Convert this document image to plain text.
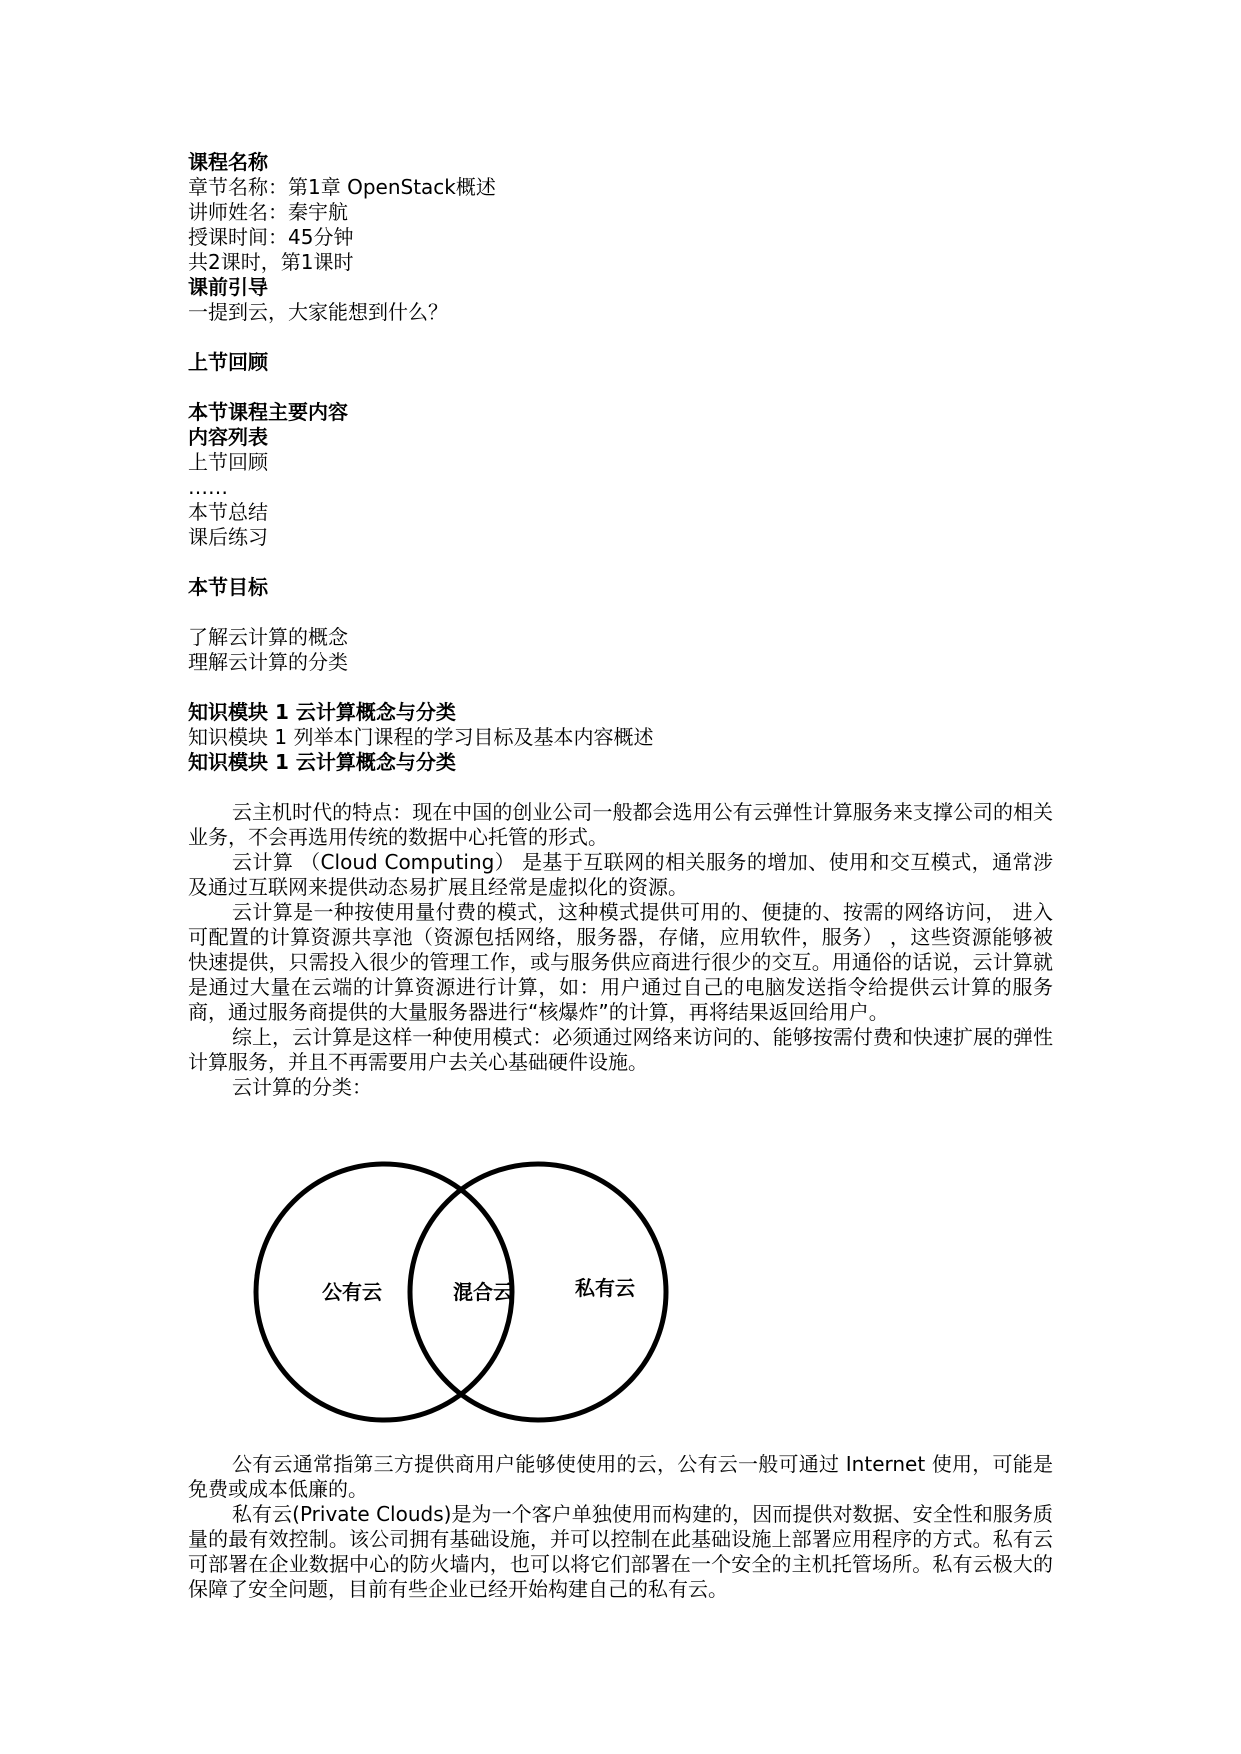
课程名称
章节名称：第1章 OpenStack概述
讲师姓名：秦宇航
授课时间：45分钟
共2课时，第1课时
课前引导
一提到云，大家能想到什么？
上节回顾
本节课程主要内容
内容列表
上节回顾
……
本节总结
课后练习
本节目标
了解云计算的概念
理解云计算的分类
知识模块 1 云计算概念与分类
知识模块 1 列举本门课程的学习目标及基本内容概述
知识模块 1 云计算概念与分类

云主机时代的特点：现在中国的创业公司一般都会选用公有云弹性计算服务来支撑公司的相关业务，不会再选用传统的数据中心托管的形式。

云计算 （Cloud Computing） 是基于互联网的相关服务的增加、使用和交互模式，通常涉及通过互联网来提供动态易扩展且经常是虚拟化的资源。

云计算是一种按使用量付费的模式，这种模式提供可用的、便捷的、按需的网络访问， 进入可配置的计算资源共享池（资源包括网络，服务器，存储，应用软件，服务） ，这些资源能够被快速提供，只需投入很少的管理工作，或与服务供应商进行很少的交互。用通俗的话说，云计算就是通过大量在云端的计算资源进行计算，如：用户通过自己的电脑发送指令给提供云计算的服务商，通过服务商提供的大量服务器进行“核爆炸”的计算，再将结果返回给用户。

综上，云计算是这样一种使用模式：必须通过网络来访问的、能够按需付费和快速扩展的弹性计算服务，并且不再需要用户去关心基础硬件设施。

云计算的分类：

公有云	混合云	私有云

公有云通常指第三方提供商用户能够使使用的云，公有云一般可通过 Internet 使用，可能是免费或成本低廉的。

私有云(Private Clouds)是为一个客户单独使用而构建的，因而提供对数据、安全性和服务质量的最有效控制。该公司拥有基础设施，并可以控制在此基础设施上部署应用程序的方式。私有云可部署在企业数据中心的防火墙内，也可以将它们部署在一个安全的主机托管场所。私有云极大的保障了安全问题，目前有些企业已经开始构建自己的私有云。
